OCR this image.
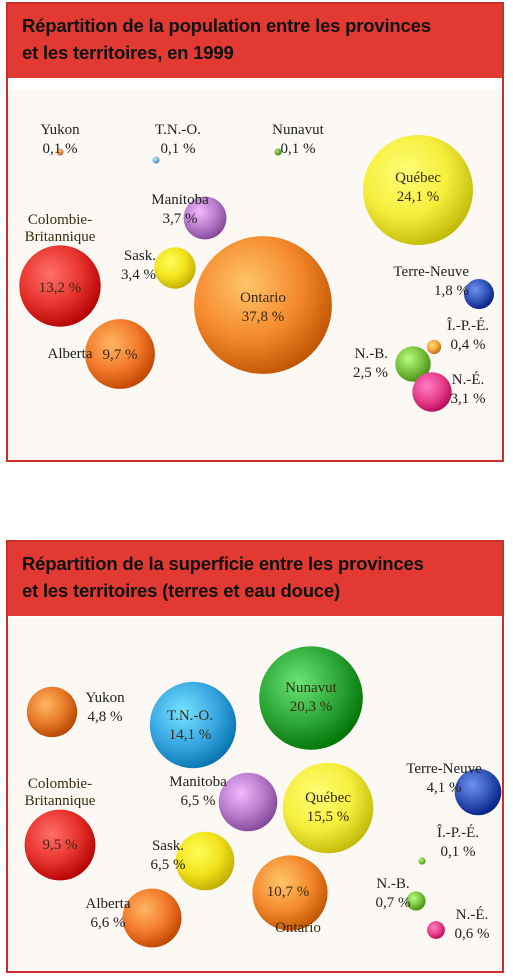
Répartition de la population entre les provinces
et les territoires, en 1999
Yukon
0,1 %
T.N.-O.
0,1 %
Nunavut
0,1 %
Québec
24,1 %
Manitoba
3,7 %
Colombie-
Britannique
13,2 %
Sask.
3,4 %
Ontario
37,8 %
Terre-Neuve
1,8 %
Î.-P.-É.
0,4 %
Alberta 9,7 %	N.-B.
2,5 %	N.-É.
3,1 %
Répartition de la superficie entre les provinces
et les territoires (terres et eau douce)
Yukon
4,8 %	T.N.-O.
14,1 %
Nunavut
20,3 %
Colombie-
Britannique
9,5 %
Manitoba
6,5 %	Québec
15,5 %
Terre-Neuve
4,1 %
Î.-P.-É.
0,1 %
Sask.
6,5 %
Ontario
10,7 %	N.-B.
0,7 %
Alberta
6,6 %	N.-É.
0,6 %
